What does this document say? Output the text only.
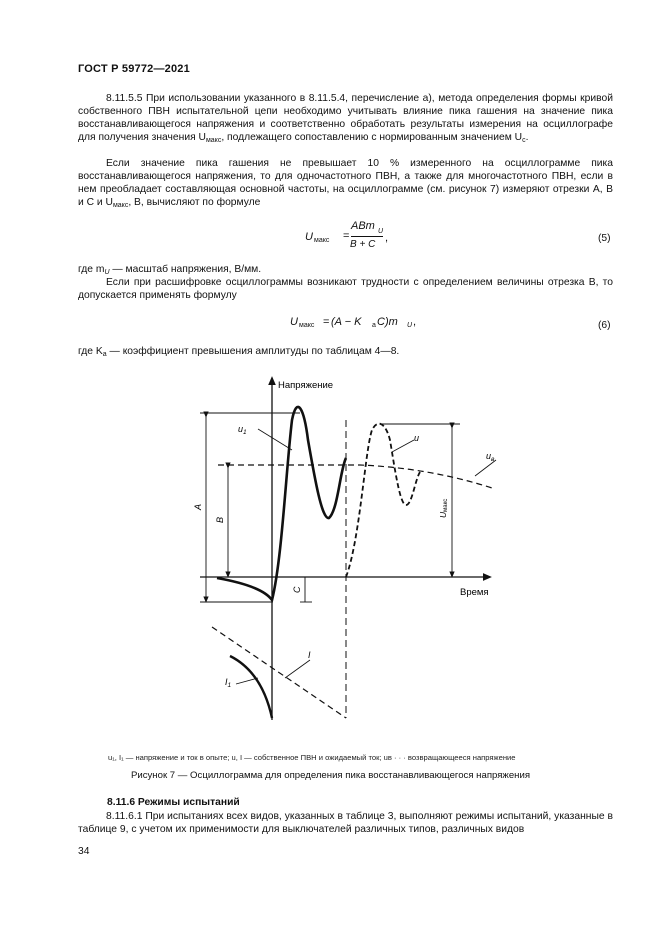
ГОСТ Р 59772—2021

8.11.5.5 При использовании указанного в 8.11.5.4, перечисление а), метода определения формы кривой собственного ПВН испытательной цепи необходимо учитывать влияние пика гашения на значение пика восстанавливающегося напряжения и соответственно обработать результаты измерения на осциллографе для получения значения $U_{макс}$, подлежащего сопоставлению с нормированным значением $U_с$.

Если значение пика гашения не превышает 10 % измеренного на осциллограмме пика восстанавливающегося напряжения, то для одночастотного ПВН, а также для многочастотного ПВН, если в нем преобладает составляющая основной частоты, на осциллограмме (см. рисунок 7) измеряют отрезки A, B и C и $U_{макс}$, В, вычисляют по формуле

U макс =
ABm U
B + C
,	(5)

где $m_U$ — масштаб напряжения, В/мм.

Если при расшифровке осциллограммы возникают трудности с определением величины отрезка B, то допускается применять формулу

U макс = (A − K a C)m U ,	(6)

где $K_a$ — коэффициент превышения амплитуды по таблицам 4—8.

Напряжение
Время
$u_1$
u
$u_в$
A
B
C
Uмакс
I
$I_1$
u₁, I₁ — напряжение и ток в опыте; u, I — собственное ПВН и ожидаемый ток; uв · · · возвращающееся напряжение
Рисунок 7 — Осциллограмма для определения пика восстанавливающегося напряжения
8.11.6 Режимы испытаний

8.11.6.1 При испытаниях всех видов, указанных в таблице 3, выполняют режимы испытаний, указанные в таблице 9, с учетом их применимости для выключателей различных типов, различных видов

34
